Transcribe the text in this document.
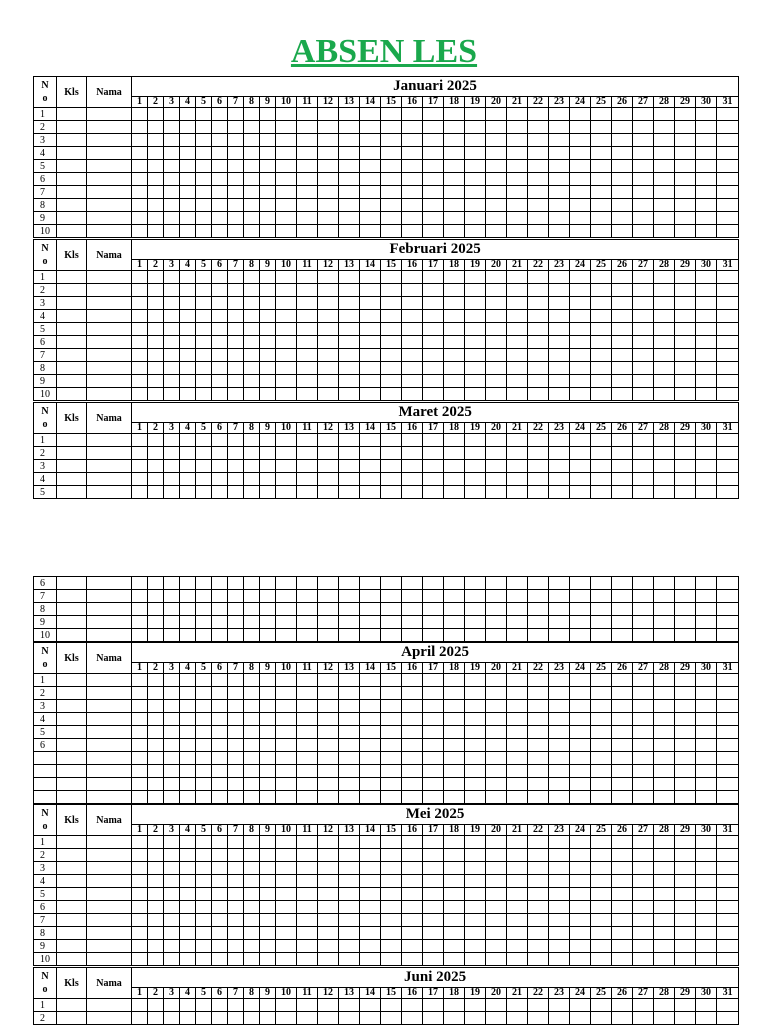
ABSEN LES
N
o	Kls	Nama	Januari 2025																														
			1	2	3	4	5	6	7	8	9	10	11	12	13	14	15	16	17	18	19	20	21	22	23	24	25	26	27	28	29	30	31
1																																	
2																																	
3																																	
4																																	
5																																	
6																																	
7																																	
8																																	
9																																	
10																																	
N
o	Kls	Nama	Februari 2025																														
			1	2	3	4	5	6	7	8	9	10	11	12	13	14	15	16	17	18	19	20	21	22	23	24	25	26	27	28	29	30	31
1																																	
2																																	
3																																	
4																																	
5																																	
6																																	
7																																	
8																																	
9																																	
10																																	
N
o	Kls	Nama	Maret 2025																														
			1	2	3	4	5	6	7	8	9	10	11	12	13	14	15	16	17	18	19	20	21	22	23	24	25	26	27	28	29	30	31
1																																	
2																																	
3																																	
4																																	
5																																	
6																																	
7																																	
8																																	
9																																	
10																																	
N
o	Kls	Nama	April 2025																														
			1	2	3	4	5	6	7	8	9	10	11	12	13	14	15	16	17	18	19	20	21	22	23	24	25	26	27	28	29	30	31
1																																	
2																																	
3																																	
4																																	
5																																	
6																																	

N
o	Kls	Nama	Mei 2025																														
			1	2	3	4	5	6	7	8	9	10	11	12	13	14	15	16	17	18	19	20	21	22	23	24	25	26	27	28	29	30	31
1																																	
2																																	
3																																	
4																																	
5																																	
6																																	
7																																	
8																																	
9																																	
10																																	
N
o	Kls	Nama	Juni 2025																														
			1	2	3	4	5	6	7	8	9	10	11	12	13	14	15	16	17	18	19	20	21	22	23	24	25	26	27	28	29	30	31
1																																	
2																																	
